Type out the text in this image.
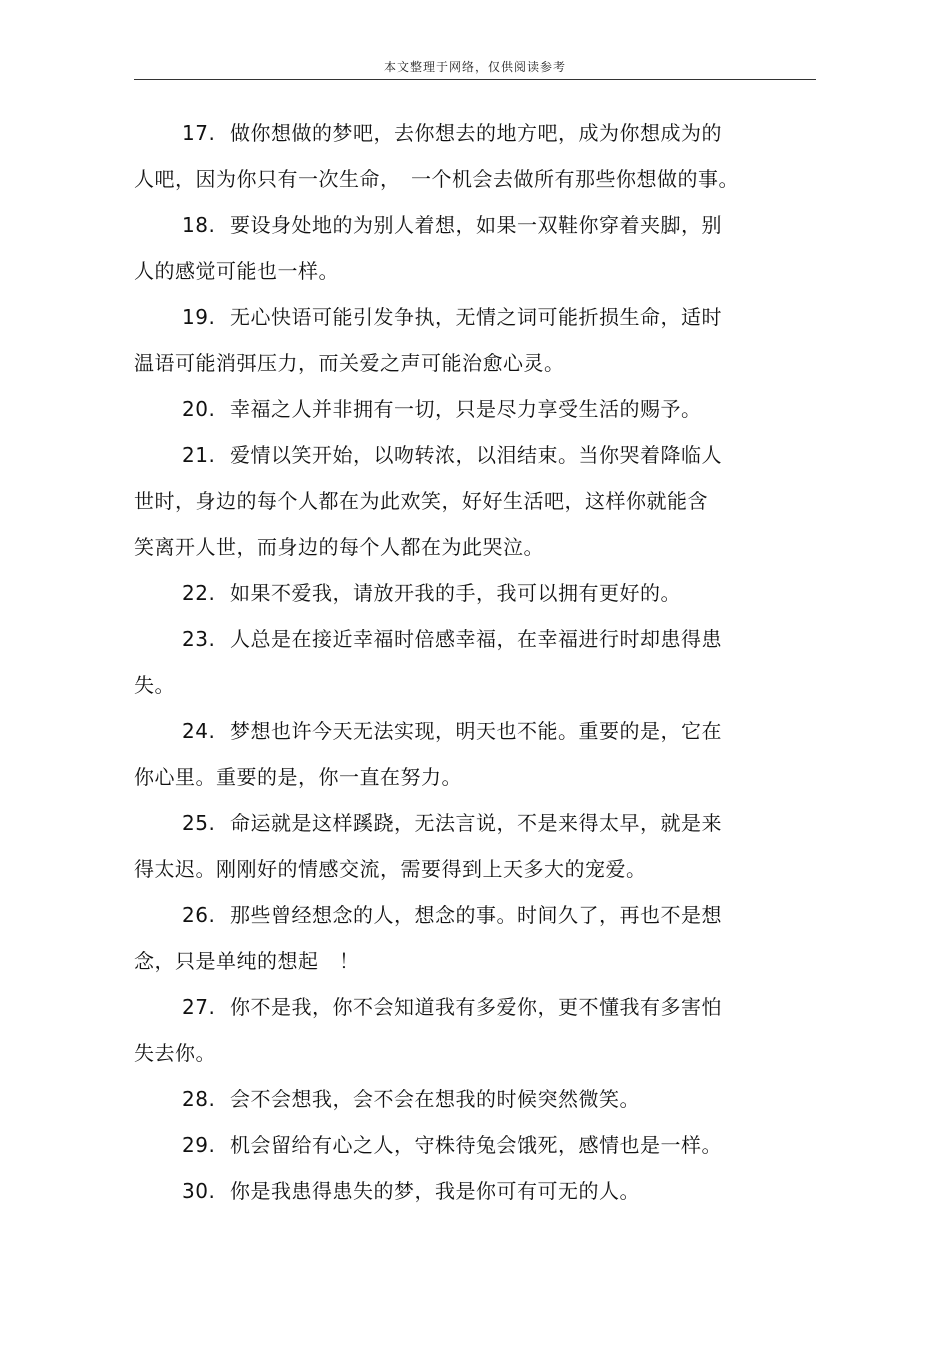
本文整理于网络，仅供阅读参考
17. 做你想做的梦吧，去你想去的地方吧，成为你想成为的
人吧，因为你只有一次生命，　一个机会去做所有那些你想做的事。
18. 要设身处地的为别人着想，如果一双鞋你穿着夹脚，别
人的感觉可能也一样。
19. 无心快语可能引发争执，无情之词可能折损生命，适时
温语可能消弭压力，而关爱之声可能治愈心灵。
20. 幸福之人并非拥有一切，只是尽力享受生活的赐予。
21. 爱情以笑开始，以吻转浓，以泪结束。当你哭着降临人
世时，身边的每个人都在为此欢笑，好好生活吧，这样你就能含
笑离开人世，而身边的每个人都在为此哭泣。
22. 如果不爱我，请放开我的手，我可以拥有更好的。
23. 人总是在接近幸福时倍感幸福，在幸福进行时却患得患
失。
24. 梦想也许今天无法实现，明天也不能。重要的是，它在
你心里。重要的是，你一直在努力。
25. 命运就是这样蹊跷，无法言说，不是来得太早，就是来
得太迟。刚刚好的情感交流，需要得到上天多大的宠爱。
26. 那些曾经想念的人，想念的事。时间久了，再也不是想
念，只是单纯的想起　！
27. 你不是我，你不会知道我有多爱你，更不懂我有多害怕
失去你。
28. 会不会想我，会不会在想我的时候突然微笑。
29. 机会留给有心之人，守株待兔会饿死，感情也是一样。
30. 你是我患得患失的梦，我是你可有可无的人。
